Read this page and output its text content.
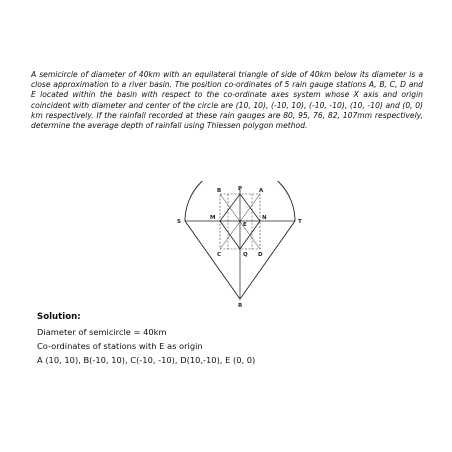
A semicircle of diameter of 40km with an equilateral triangle of side of 40km below its diameter is a close approximation to a river basin. The position co-ordinates of 5 rain gauge stations A, B, C, D and E located within the basin with respect to the co-ordinate axes system whose X axis and origin coincident with diameter and center of the circle are (10, 10), (-10, 10), (-10, -10), (10, -10) and (0, 0) km respectively. If the rainfall recorded at these rain gauges are 80, 95, 76, 82, 107mm respectively, determine the average depth of rainfall using Thiessen polygon method.

B	P	A
S	T
M	N
E
C	Q D
R

Solution:

Diameter of semicircle = 40km

Co-ordinates of stations with E as origin

A (10, 10), B(-10, 10), C(-10, -10), D(10,-10), E (0, 0)
